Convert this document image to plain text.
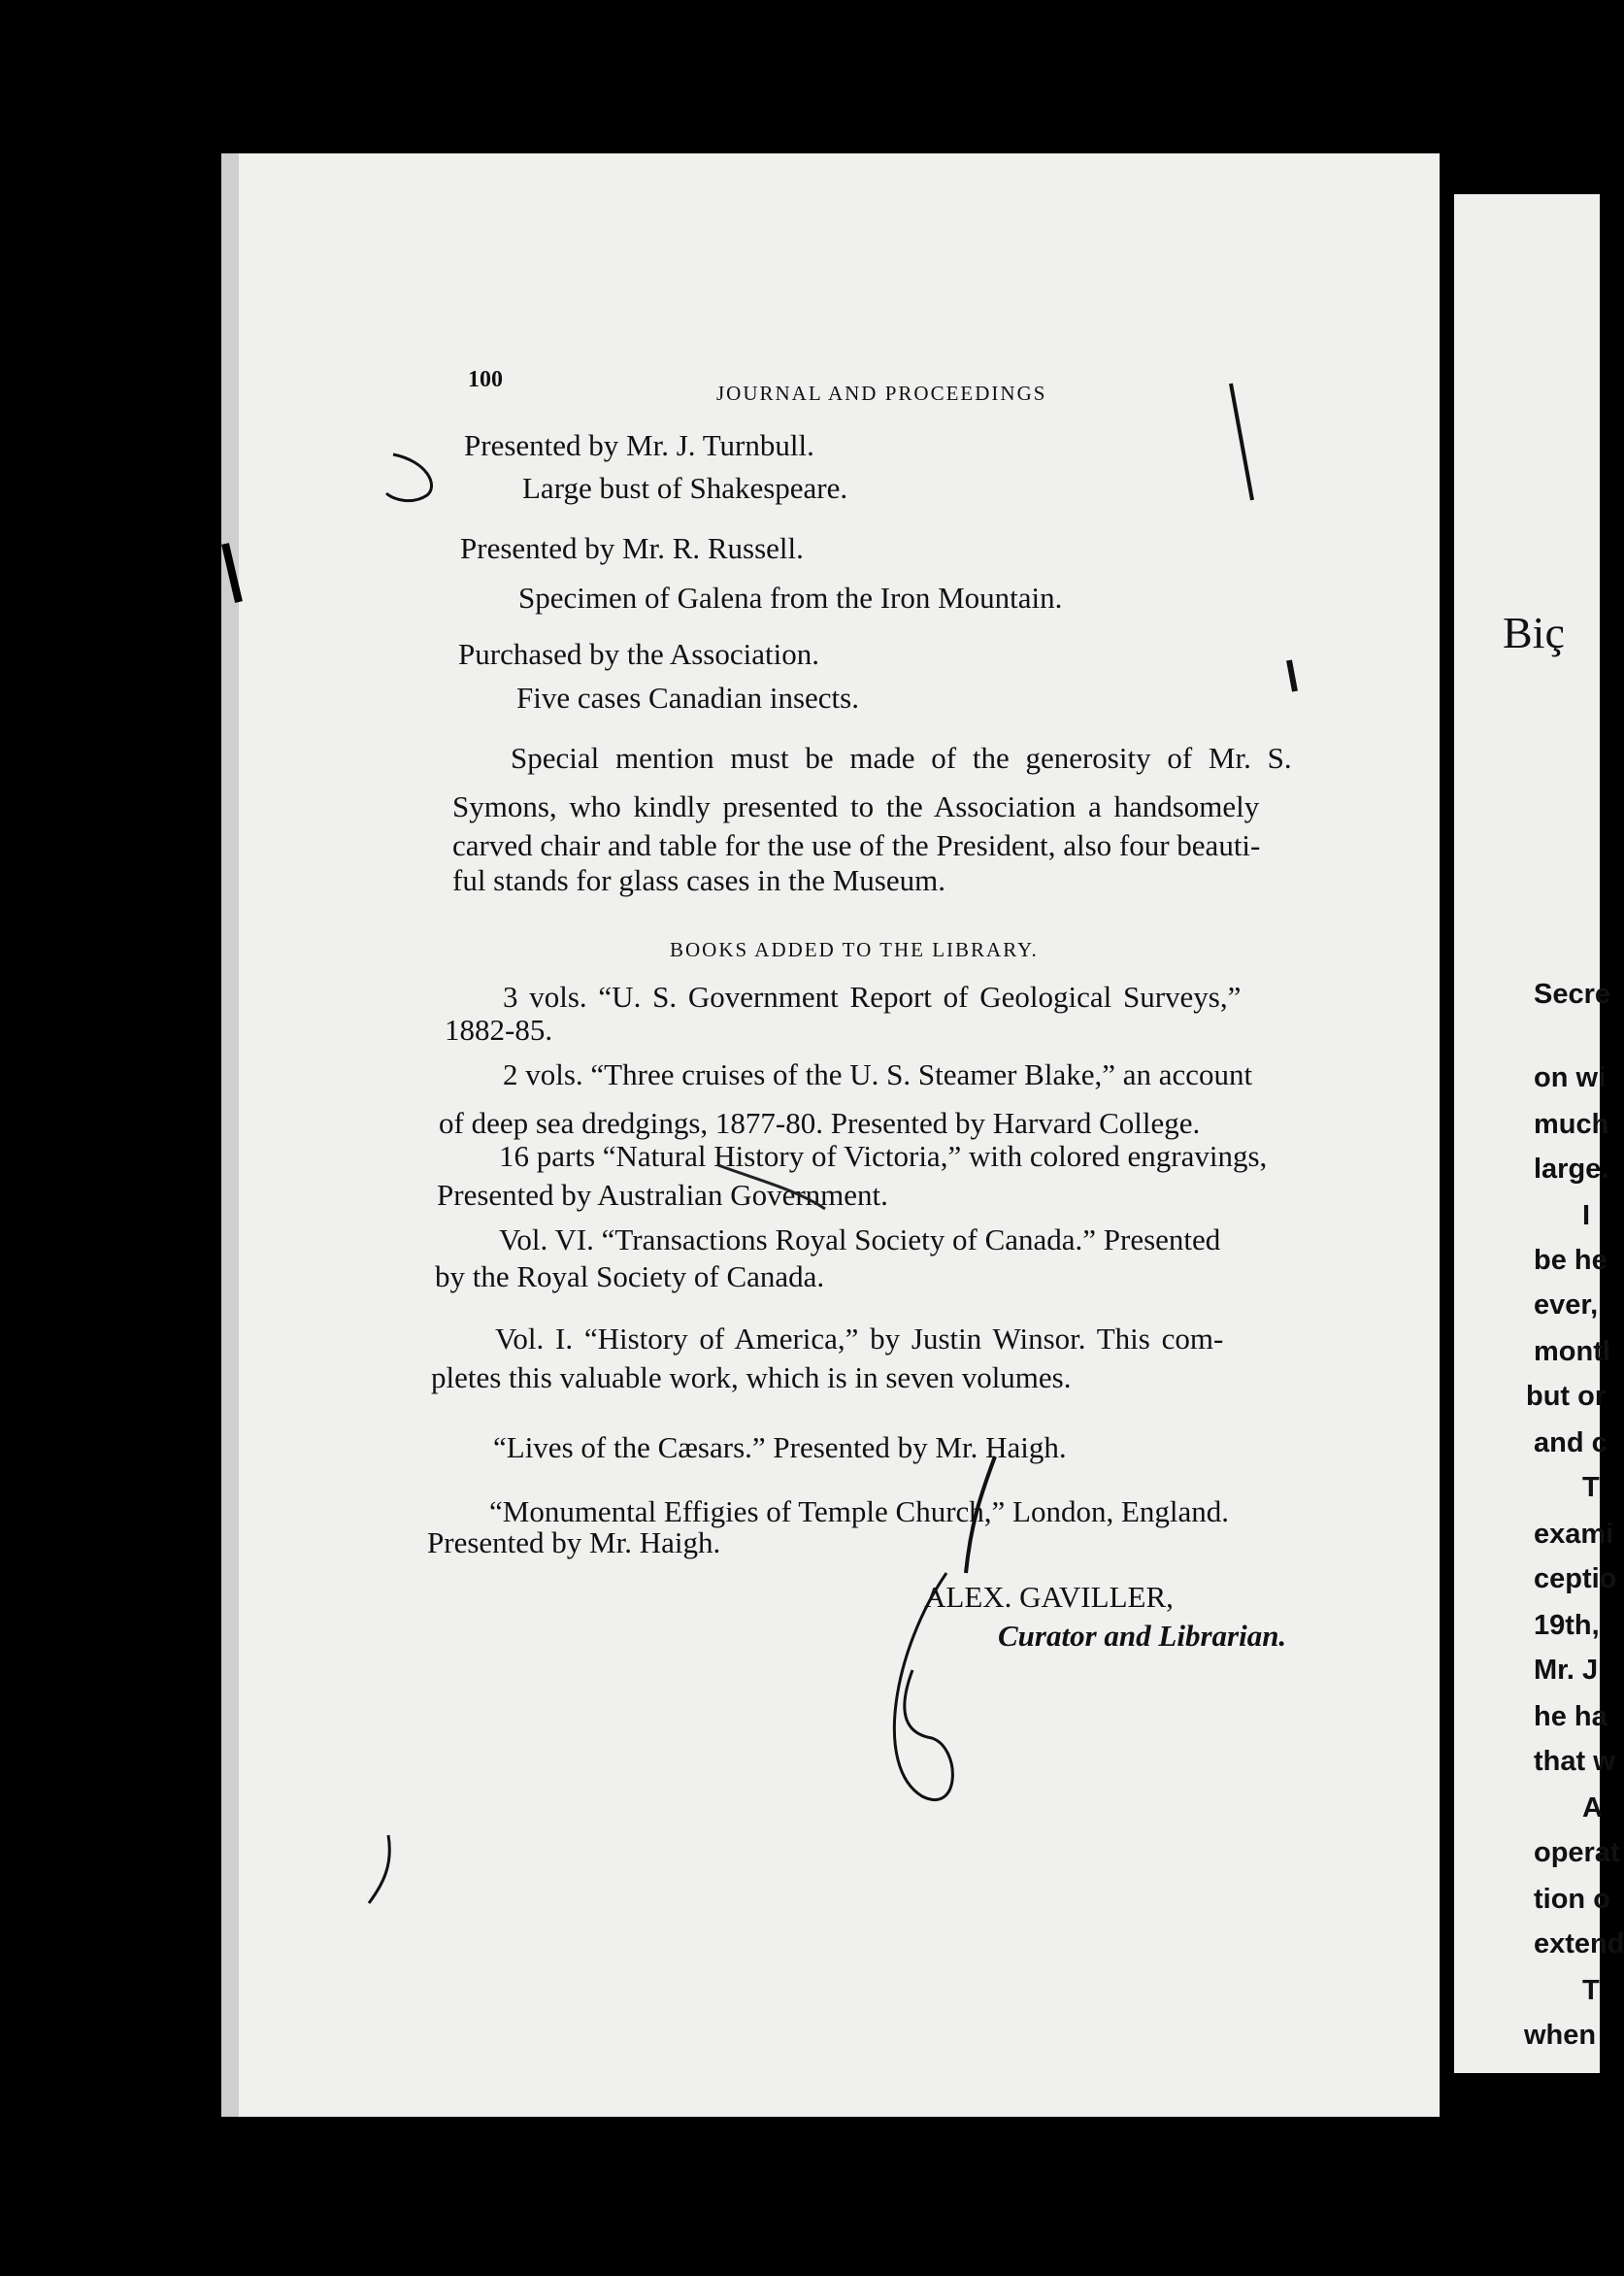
Biç
Secre
on wi
much
large.
I
be he
ever,
montl
but or
and c
T
exami
ceptio
19th,
Mr. J
he ha
that w
A
operat
tion o
extend
T
when
100
JOURNAL AND PROCEEDINGS
Presented by Mr. J. Turnbull.
Large bust of Shakespeare.
Presented by Mr. R. Russell.
Specimen of Galena from the Iron Mountain.
Purchased by the Association.
Five cases Canadian insects.
Special mention must be made of the generosity of Mr. S.
Symons, who kindly presented to the Association a handsomely
carved chair and table for the use of the President, also four beauti-
ful stands for glass cases in the Museum.
BOOKS ADDED TO THE LIBRARY.
3 vols. “U. S. Government Report of Geological Surveys,”
1882-85.
2 vols. “Three cruises of the U. S. Steamer Blake,” an account
of deep sea dredgings, 1877-80. Presented by Harvard College.
16 parts “Natural History of Victoria,” with colored engravings,
Presented by Australian Government.
Vol. VI. “Transactions Royal Society of Canada.” Presented
by the Royal Society of Canada.
Vol. I. “History of America,” by Justin Winsor. This com-
pletes this valuable work, which is in seven volumes.
“Lives of the Cæsars.” Presented by Mr. Haigh.
“Monumental Effigies of Temple Church,” London, England.
Presented by Mr. Haigh.
ALEX. GAVILLER,
Curator and Librarian.
